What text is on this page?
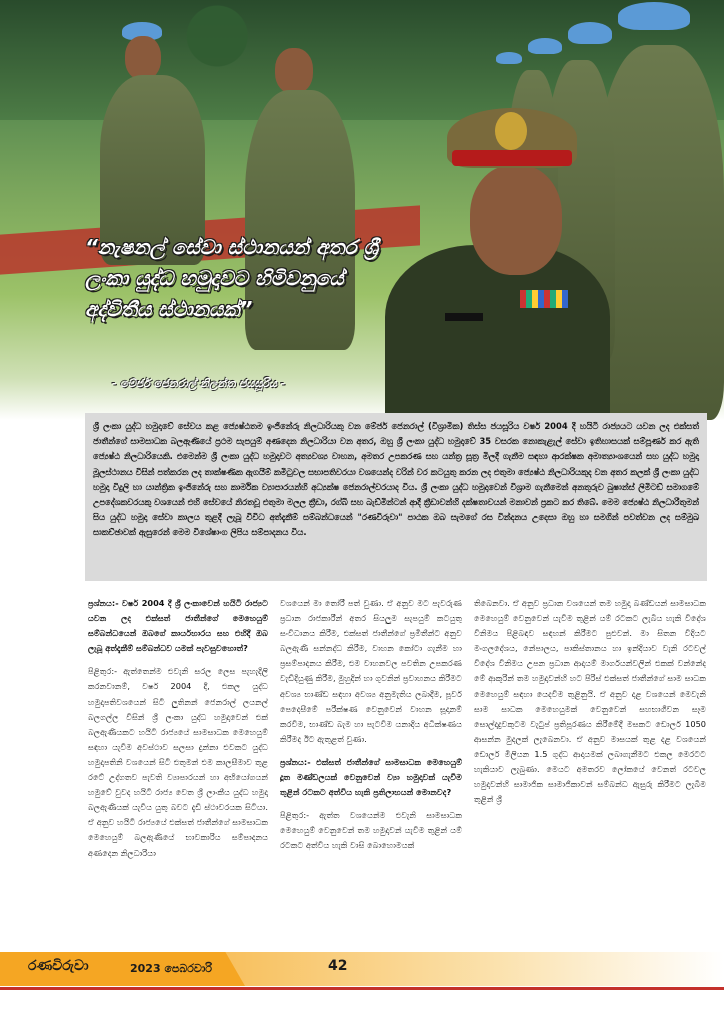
“නැෂනල් සේවා ස්ථානයන් අතර ශ්‍රී ලංකා යුද්ධ හමුදාවට හිමිවනුයේ අද්විතීය ස්ථානයක්”
- මේජර් ජෙනරාල් නිලන්ත ජයසූරිය -
ශ්‍රී ලංකා යුද්ධ හමුදාවේ සේවය කළ ජ්‍යෙෂ්ඨතම ඉංජිනේරු නිලධාරියකු වන මේජර් ජෙනරාල් (විශ්‍රාමික) තිස්ස ජයසූරිය වර්ෂ 2004 දී හයිටි රාජ්‍යයට යවන ලද එක්සත් ජාතීන්ගේ සාමසාධක බලඇණියේ ප්‍රථම සැපයුම් අණදෙන නිලධාරියා වන අතර, ඔහු ශ්‍රී ලංකා යුද්ධ හමුදාවේ 35 වසරක නොකැළැල් සේවා ඉතිහාසයක් සම්පූර්ණ කර ඇති ජ්‍යෙෂ්ඨ නිලධාරියෙකි. එමෙන්ම ශ්‍රී ලංකා යුද්ධ හමුදාවට අත්‍යවශ්‍ය වාහන, අමතර උපකරණ සහ යන්ත්‍ර සූත්‍ර මිලදී ගැනීම සඳහා ආරක්ෂක අමාත්‍යාංශයෙන් සහ යුද්ධ හමුදා මූලස්ථානය විසින් පත්කරන ලද තාක්ෂණික ඇගයීම් කමිටුවල සභාපතිවරයා වශයෙන්ද වරින් වර කටයුතු කරන ලද එතුමා ජ්‍යෙෂ්ඨ නිලධාරියකුද වන අතර කලක් ශ්‍රී ලංකා යුද්ධ හමුදා විදුලි හා යාන්ත්‍රික ඉංජිනේරු සහ කාර්මික ව්‍යාපාරයන්හි අධ්‍යක්ෂ ජෙනරාල්වරයාද විය. ශ්‍රී ලංකා යුද්ධ හමුදාවෙන් විශ්‍රාම ගැනීමෙන් අනතුරුව බුෂාන්ස් ලිමිටඩ් සමාගමේ උපදේශකවරයකු වශයෙන් එහි සේවයේ නිරතවූ එතුමා මලල ක්‍රීඩා, රග්බි සහ බැඩ්මින්ටන් ආදී ක්‍රීඩාවන්හි දක්ෂතාවයන් මනාවන් ප්‍රකට කර තිබේ. මෙම ජ්‍යෙෂ්ඨ නිලධාරීතුමන් සිය යුද්ධ හමුදා සේවා කාලය තුළදී ලැබූ විවිධ අත්දැකීම් සම්බන්ධයෙන් "රණවිරුවා" පාඨක ඔබ සැමගේ රස වින්දනය උදෙසා ඔහු හා සමගින් පවත්වන ලද සම්මුඛ සාකච්ඡාවක් ඇසුරෙන් මෙම විශේෂාංග ලිපිය සම්පාදනය විය.

ප්‍රශ්නය:- වර්ෂ 2004 දී ශ්‍රී ලංකාවෙන් හයිටි රාජ්‍යට යවන ලද එක්සත් ජාතීන්ගේ මෙහෙයුම් සම්බන්ධයෙන් ඔබගේ කාර්යභාරය සහ එහිදී ඔබ ලැබූ අත්දැකීම් සම්බන්ධව යමක් පැවසුවහොත්?

පිළිතුර:- ඇත්තෙන්ම එවැනි සරල ලෙස පැහැදිලි කරනවානම්, වර්ෂ 2004 දී, එකල යුද්ධ හමුදාපතිවශයෙන් සිටි ලුතිනන් ජෙනරාල් ලයනල් බලගල්ල විසින් ශ්‍රී ලංකා යුද්ධ හමුදාවෙන් එක් බලඇණියකට හයිටි රාජ්‍යයේ සාමසාධක මෙහෙයුම් සඳහා යැවීම අවස්ථාව සලසා දුන්නා එවකට යුද්ධ හමුදාපතිනි වශයෙන් සිටි එතුමන් එම කාලසීමාව තුළ රටේ උද්ගතව පැවති ව්‍යාපාරයන් හා අභියෝගයන් හමුවේ වුවද හයිටි රාජ්‍ය වෙත ශ්‍රී ලාංකීය යුද්ධ හමුදා බලඇණියක් යැවීය යුතු බවට දැඩි ස්ථාවරයක සිටියා. ඒ අනුව හයිටි රාජ්‍යයේ එක්සත් ජාතීන්ගේ සාමසාධක මෙහෙයුම් බලඇණියේ භාවකාරිය සම්පාදනය අණදෙන නිලධාරියා

වශයෙන් මා තෝරී පත් වුණා. ඒ අනුව මට පැවරුණ ප්‍රධාන රාජකාරීන් අතර සියලුම සැපයුම් කටයුතු සංවිධානය කිරීම, එක්සත් ජාතීන්ගේ ප්‍රමිතීන්ට අනුව බලඇණි සන්නද්ධ කිරීම, වාහන කෝටා ගැනීම හා ප්‍රසම්පාදනය කිරීම, එම වාහනවල පවතින උපකරණ වැඩිදියුණු කිරීම, මුහුදින් හා ගුවනින් ප්‍රවාහනය කිරීමට අවශ්‍ය භාණ්ඩ සඳහා අවශ්‍ය අනුමැතිය ලබාදීම, පූර්ව පෙදෙසීමේ පරීක්ෂණ වෙනුවෙන් වාහන සූදානම් කරවීම, භාණ්ඩ බැම හා පැටවීම යනාදිය අධීක්ෂණය කිරීමද ඊට ඇතුළත් වුණා.

ප්‍රශ්නය:- එක්සත් ජාතීන්ගේ සාමසාධක මෙහෙයුම් දූත මණ්ඩලයක් වෙනුවෙන් ව්‍යා හමුදාවක් යැවීම තුළින් රටකට අත්විය හැකි ප්‍රතිලාභයන් මොනවද?

පිළිතුර:- ඇත්ත වශයෙන්ම එවැනි සාමසාධක මෙහෙයුම් වෙනුවෙන් තම හමුදාවන් යැවීම තුළින් යම් රටකට අත්විය හැකි වාසි බොහොමයක්

තිබෙනවා. ඒ අනුව ප්‍රධාන වශයෙන් තම හමුදා බණ්ඩයන් සාමසාධක මෙහෙයුම් වෙනුවෙන් යැවීම තුළින් යම් රටකට ලැබිය හැකි විදේශ විනිමය පිළිබඳව සඳහන් කිරීමට පුළුවන්. මා සිතන විදියට මංගලදේශය, නේපාලය, පාකිස්තානය හා ඉන්දියාව වැනි රටවල් විදේශ විනිමය උපන ප්‍රධාන ආදායම් මාර්ගයන්වලින් එකක් වන්නේද මේ ආකුරින් තම හමුදාවන්හි හට පිරිස් එක්සත් ජාතීන්ගේ සාම සාධක මෙහෙයුම් සඳහා යෙදවීම තුළිනුයි. ඒ අනුව දළ වශයෙන් මෙවැනි සාම සාධක මෙහෙයුමක් වෙනුවෙන් සහභාගීවන සෑම සොල්දාදුවකුටම වැටුප් ප්‍රතිපූරණය කිරීමේදී මසකට ඩොලර් 1050 ආසන්න මුදලක් ලැබෙනවා. ඒ අනුව මාසයක් තුළ දළ වශයෙන් ඩොලර් මිලියන 1.5 ගුද්ධ ආදායමක් ලබාගැනීමට එකල මෙරටට හැකියාව ලැබුණා. මෙයට අමතරව ලෝකයේ වෙනත් රටවල හමුදාවන්හි සාමාජික සාමාජිකාවන් සම්බන්ධ ඇසුරු කිරීමට ලැබීම තුළින් ශ්‍රී

රණවිරුවා	2023 පෙබරවාරි	42
